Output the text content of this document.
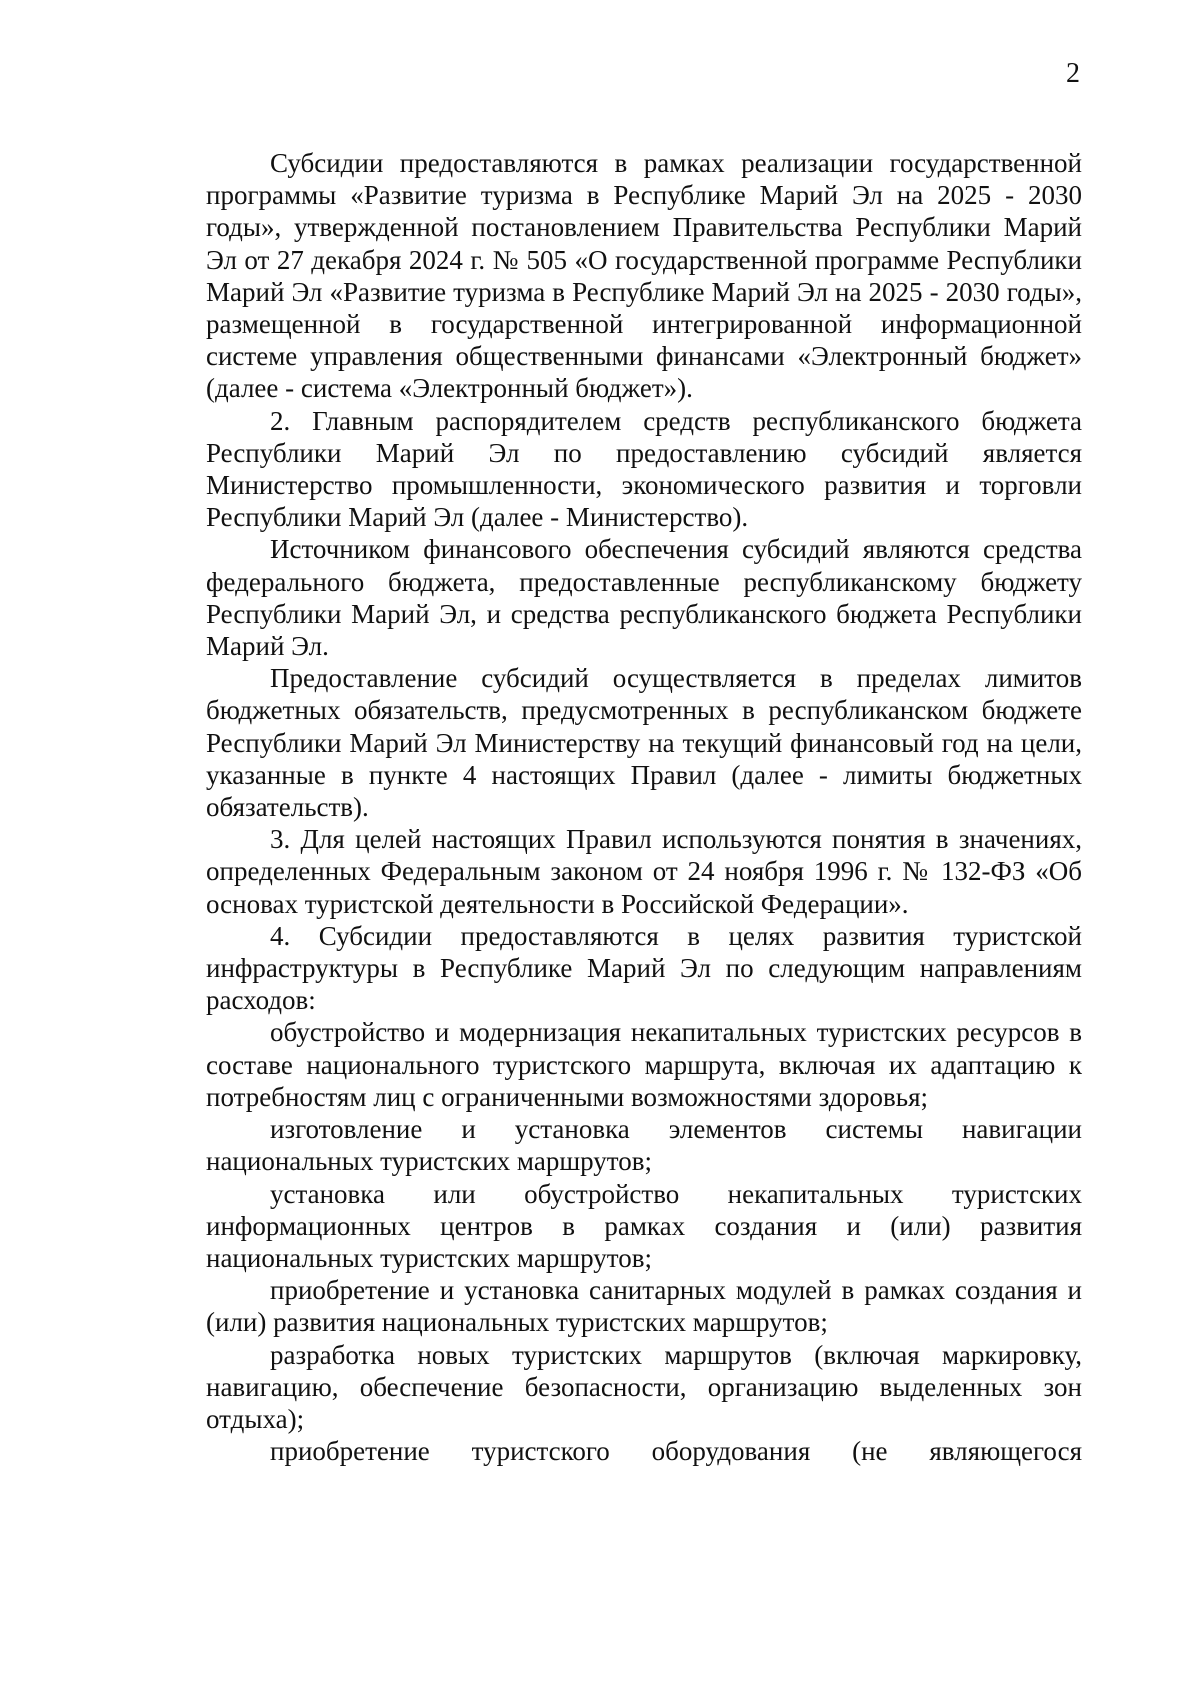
2

Субсидии предоставляются в рамках реализации государственной программы «Развитие туризма в Республике Марий Эл на 2025 - 2030 годы», утвержденной постановлением Правительства Республики Марий Эл от 27 декабря 2024 г. № 505 «О государственной программе Республики Марий Эл «Развитие туризма в Республике Марий Эл на 2025 - 2030 годы», размещенной в государственной интегрированной информационной системе управления общественными финансами «Электронный бюджет» (далее - система «Электронный бюджет»).

2. Главным распорядителем средств республиканского бюджета Республики Марий Эл по предоставлению субсидий является Министерство промышленности, экономического развития и торговли Республики Марий Эл (далее - Министерство).

Источником финансового обеспечения субсидий являются средства федерального бюджета, предоставленные республиканскому бюджету Республики Марий Эл, и средства республиканского бюджета Республики Марий Эл.

Предоставление субсидий осуществляется в пределах лимитов бюджетных обязательств, предусмотренных в республиканском бюджете Республики Марий Эл Министерству на текущий финансовый год на цели, указанные в пункте 4 настоящих Правил (далее - лимиты бюджетных обязательств).

3. Для целей настоящих Правил используются понятия в значениях, определенных Федеральным законом от 24 ноября 1996 г. № 132-ФЗ «Об основах туристской деятельности в Российской Федерации».

4. Субсидии предоставляются в целях развития туристской инфраструктуры в Республике Марий Эл по следующим направлениям расходов:

обустройство и модернизация некапитальных туристских ресурсов в составе национального туристского маршрута, включая их адаптацию к потребностям лиц с ограниченными возможностями здоровья;

изготовление и установка элементов системы навигации национальных туристских маршрутов;

установка или обустройство некапитальных туристских информационных центров в рамках создания и (или) развития национальных туристских маршрутов;

приобретение и установка санитарных модулей в рамках создания и (или) развития национальных туристских маршрутов;

разработка новых туристских маршрутов (включая маркировку, навигацию, обеспечение безопасности, организацию выделенных зон отдыха);

приобретение туристского оборудования (не являющегося
